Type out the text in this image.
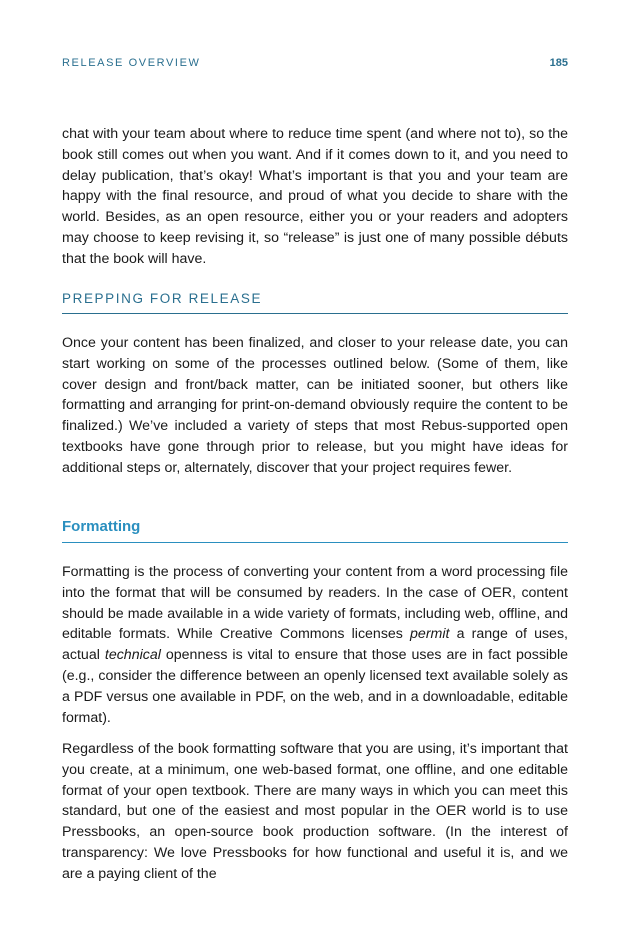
RELEASE OVERVIEW	185

chat with your team about where to reduce time spent (and where not to), so the book still comes out when you want. And if it comes down to it, and you need to delay publication, that’s okay! What’s important is that you and your team are happy with the final resource, and proud of what you decide to share with the world. Besides, as an open resource, either you or your readers and adopters may choose to keep revising it, so “release” is just one of many possible débuts that the book will have.

PREPPING FOR RELEASE

Once your content has been finalized, and closer to your release date, you can start working on some of the processes outlined below. (Some of them, like cover design and front/back matter, can be initiated sooner, but others like formatting and arranging for print-on-demand obviously require the content to be finalized.) We’ve included a variety of steps that most Rebus-supported open textbooks have gone through prior to release, but you might have ideas for additional steps or, alternately, discover that your project requires fewer.

Formatting

Formatting is the process of converting your content from a word processing file into the format that will be consumed by readers. In the case of OER, content should be made available in a wide variety of formats, including web, offline, and editable formats. While Creative Commons licenses permit a range of uses, actual technical openness is vital to ensure that those uses are in fact possible (e.g., consider the difference between an openly licensed text available solely as a PDF versus one available in PDF, on the web, and in a downloadable, editable format).

Regardless of the book formatting software that you are using, it’s important that you create, at a minimum, one web-based format, one offline, and one editable format of your open textbook. There are many ways in which you can meet this standard, but one of the easiest and most popular in the OER world is to use Pressbooks, an open-source book production software. (In the interest of transparency: We love Pressbooks for how functional and useful it is, and we are a paying client of the
